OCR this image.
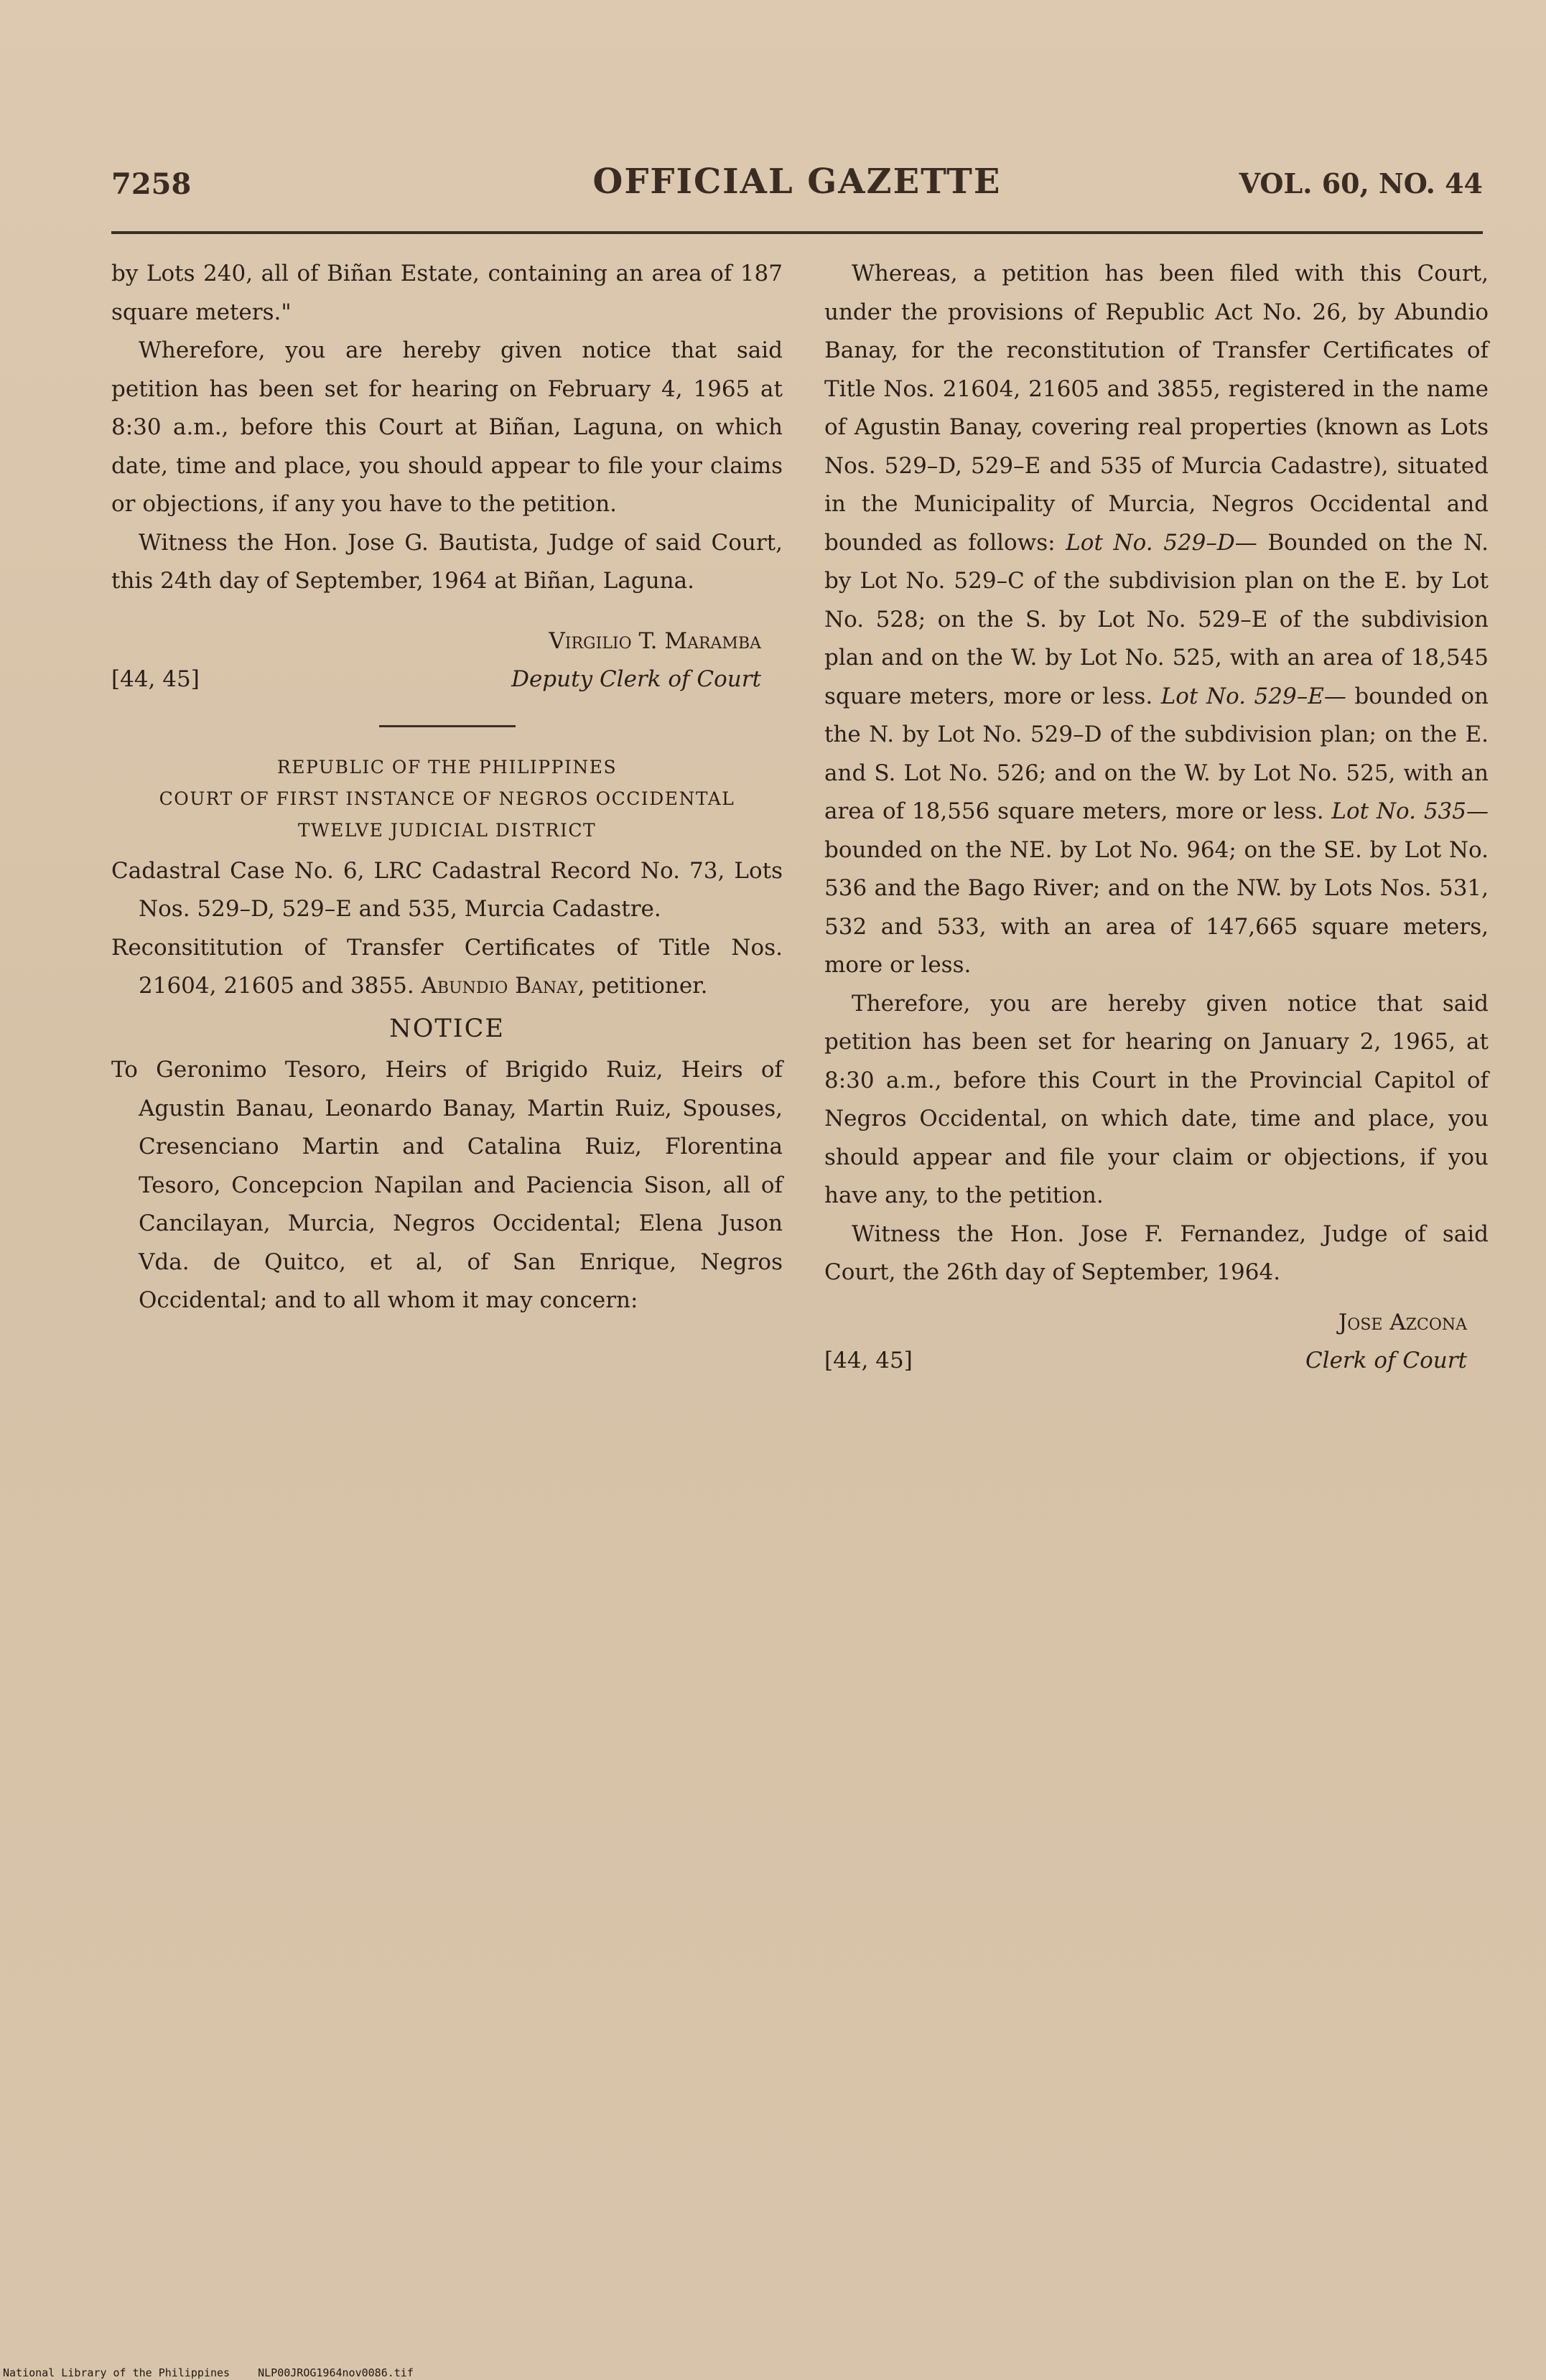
7258	OFFICIAL GAZETTE	VOL. 60, NO. 44

by Lots 240, all of Biñan Estate, containing an area of 187 square meters."

Wherefore, you are hereby given notice that said petition has been set for hearing on February 4, 1965 at 8:30 a.m., before this Court at Biñan, Laguna, on which date, time and place, you should appear to file your claims or objections, if any you have to the petition.

Witness the Hon. Jose G. Bautista, Judge of said Court, this 24th day of September, 1964 at Biñan, Laguna.

Virgilio T. Maramba
[44, 45]	Deputy Clerk of Court
REPUBLIC OF THE PHILIPPINES
COURT OF FIRST INSTANCE OF NEGROS OCCIDENTAL
TWELVE JUDICIAL DISTRICT

Cadastral Case No. 6, LRC Cadastral Record No. 73, Lots Nos. 529–D, 529–E and 535, Murcia Cadastre.

Reconsititution of Transfer Certificates of Title Nos. 21604, 21605 and 3855. Abundio Banay, petitioner.

NOTICE

To Geronimo Tesoro, Heirs of Brigido Ruiz, Heirs of Agustin Banau, Leonardo Banay, Martin Ruiz, Spouses, Cresenciano Martin and Catalina Ruiz, Florentina Tesoro, Concepcion Napilan and Paciencia Sison, all of Cancilayan, Murcia, Negros Occidental; Elena Juson Vda. de Quitco, et al, of San Enrique, Negros Occidental; and to all whom it may concern:

Whereas, a petition has been filed with this Court, under the provisions of Republic Act No. 26, by Abundio Banay, for the reconstitution of Transfer Certificates of Title Nos. 21604, 21605 and 3855, registered in the name of Agustin Banay, covering real properties (known as Lots Nos. 529–D, 529–E and 535 of Murcia Cadastre), situated in the Municipality of Murcia, Negros Occidental and bounded as follows: Lot No. 529–D— Bounded on the N. by Lot No. 529–C of the subdivision plan on the E. by Lot No. 528; on the S. by Lot No. 529–E of the subdivision plan and on the W. by Lot No. 525, with an area of 18,545 square meters, more or less. Lot No. 529–E— bounded on the N. by Lot No. 529–D of the subdivision plan; on the E. and S. Lot No. 526; and on the W. by Lot No. 525, with an area of 18,556 square meters, more or less. Lot No. 535—bounded on the NE. by Lot No. 964; on the SE. by Lot No. 536 and the Bago River; and on the NW. by Lots Nos. 531, 532 and 533, with an area of 147,665 square meters, more or less.

Therefore, you are hereby given notice that said petition has been set for hearing on January 2, 1965, at 8:30 a.m., before this Court in the Provincial Capitol of Negros Occidental, on which date, time and place, you should appear and file your claim or objections, if you have any, to the petition.

Witness the Hon. Jose F. Fernandez, Judge of said Court, the 26th day of September, 1964.

Jose Azcona
[44, 45]	Clerk of Court
National Library of the Philippines	NLP00JROG1964nov0086.tif
